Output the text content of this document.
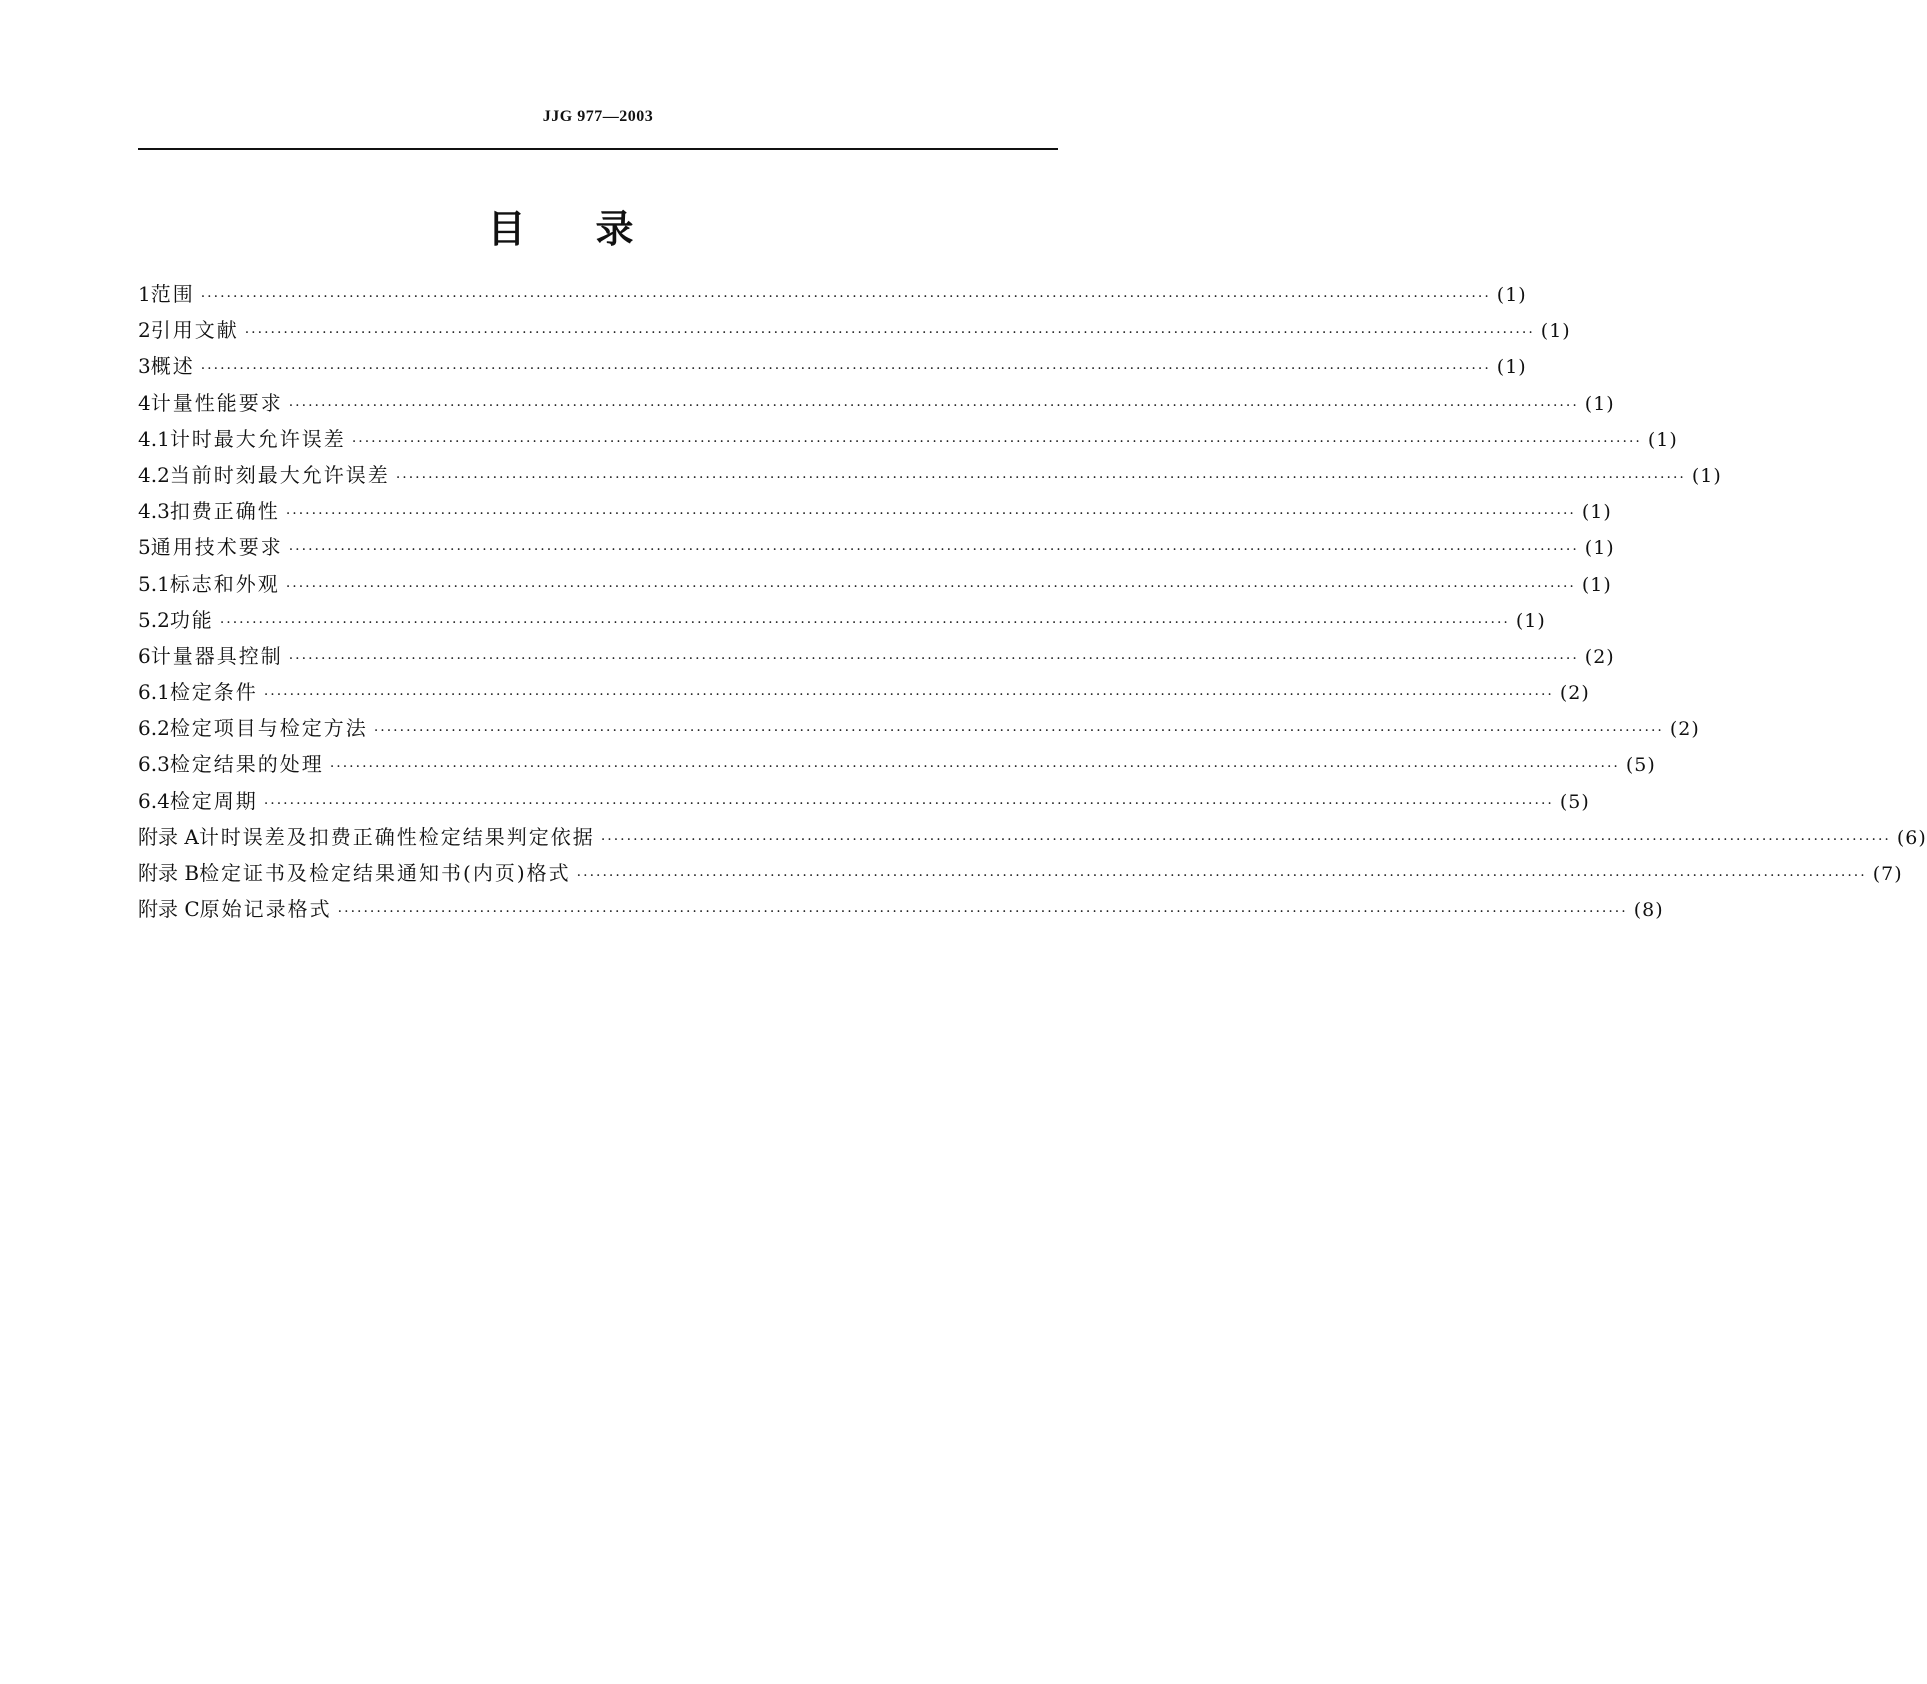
JJG 977—2003
目录
1 范围 ········································································································································································································ (1)
2 引用文献 ········································································································································································································ (1)
3 概述 ········································································································································································································ (1)
4 计量性能要求 ········································································································································································································ (1)
4.1 计时最大允许误差 ········································································································································································································ (1)
4.2 当前时刻最大允许误差 ········································································································································································································ (1)
4.3 扣费正确性 ········································································································································································································ (1)
5 通用技术要求 ········································································································································································································ (1)
5.1 标志和外观 ········································································································································································································ (1)
5.2 功能 ········································································································································································································ (1)
6 计量器具控制 ········································································································································································································ (2)
6.1 检定条件 ········································································································································································································ (2)
6.2 检定项目与检定方法 ········································································································································································································ (2)
6.3 检定结果的处理 ········································································································································································································ (5)
6.4 检定周期 ········································································································································································································ (5)
附录 A 计时误差及扣费正确性检定结果判定依据 ········································································································································································································ (6)
附录 B 检定证书及检定结果通知书(内页)格式 ········································································································································································································ (7)
附录 C 原始记录格式 ········································································································································································································ (8)
